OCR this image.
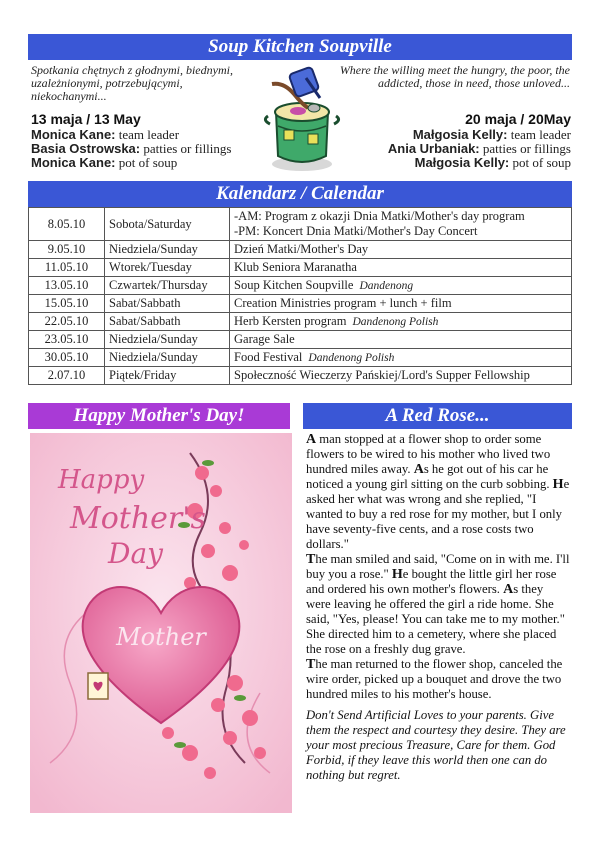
Soup Kitchen Soupville
Spotkania chętnych z głodnymi, biednymi, uzależnionymi, potrzebującymi, niekochanymi...
Where the willing meet the hungry, the poor, the addicted, those in need, those unloved...
13 maja / 13 May	20 maja / 20May
Monica Kane: team leader
Basia Ostrowska: patties or fillings
Monica Kane: pot of soup
Małgosia Kelly: team leader
Ania Urbaniak: patties or fillings
Małgosia Kelly: pot of soup
Kalendarz / Calendar
8.05.10	Sobota/Saturday	-AM: Program z okazji Dnia Matki/Mother's day program
-PM: Koncert Dnia Matki/Mother's Day Concert

9.05.10	Niedziela/Sunday	Dzień Matki/Mother's Day
11.05.10	Wtorek/Tuesday	Klub Seniora Maranatha
13.05.10	Czwartek/Thursday	Soup Kitchen Soupville Dandenong
15.05.10	Sabat/Sabbath	Creation Ministries program + lunch + film
22.05.10	Sabat/Sabbath	Herb Kersten program Dandenong Polish
23.05.10	Niedziela/Sunday	Garage Sale
30.05.10	Niedziela/Sunday	Food Festival Dandenong Polish
2.07.10	Piątek/Friday	Społeczność Wieczerzy Pańskiej/Lord's Supper Fellowship
Happy Mother's Day!
Mother
Happy
Mother's
Day
A Red Rose...

A man stopped at a flower shop to order some flowers to be wired to his mother who lived two hundred miles away. As he got out of his car he noticed a young girl sitting on the curb sobbing. He asked her what was wrong and she replied, "I wanted to buy a red rose for my mother, but I only have seventy-five cents, and a rose costs two dollars."

The man smiled and said, "Come on in with me. I'll buy you a rose." He bought the little girl her rose and ordered his own mother's flowers. As they were leaving he offered the girl a ride home. She said, "Yes, please! You can take me to my mother." She directed him to a cemetery, where she placed the rose on a freshly dug grave.

The man returned to the flower shop, canceled the wire order, picked up a bouquet and drove the two hundred miles to his mother's house.

Don't Send Artificial Loves to your parents. Give them the respect and courtesy they desire. They are your most precious Treasure, Care for them. God Forbid, if they leave this world then one can do nothing but regret.
